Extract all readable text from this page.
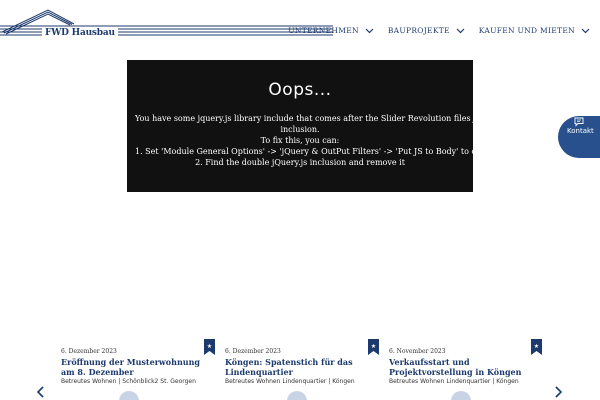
FWD Hausbau	UNTERNEHMEN	BAUPROJEKTE	KAUFEN UND MIETEN
Oops...
You have some jquery.js library include that comes after the Slider Revolution files js
inclusion.
To fix this, you can:
1. Set 'Module General Options' -> 'jQuery & OutPut Filters' -> 'Put JS to Body' to on
2. Find the double jQuery.js inclusion and remove it
Kontakt
6. Dezember 2023
★
Eröffnung der Musterwohnung am 8. Dezember
Betreutes Wohnen | Schönblick2 St. Georgen
6. Dezember 2023
★
Köngen: Spatenstich für das Lindenquartier
Betreutes Wohnen Lindenquartier | Köngen
6. November 2023
★
Verkaufsstart und Projektvorstellung in Köngen
Betreutes Wohnen Lindenquartier | Köngen
